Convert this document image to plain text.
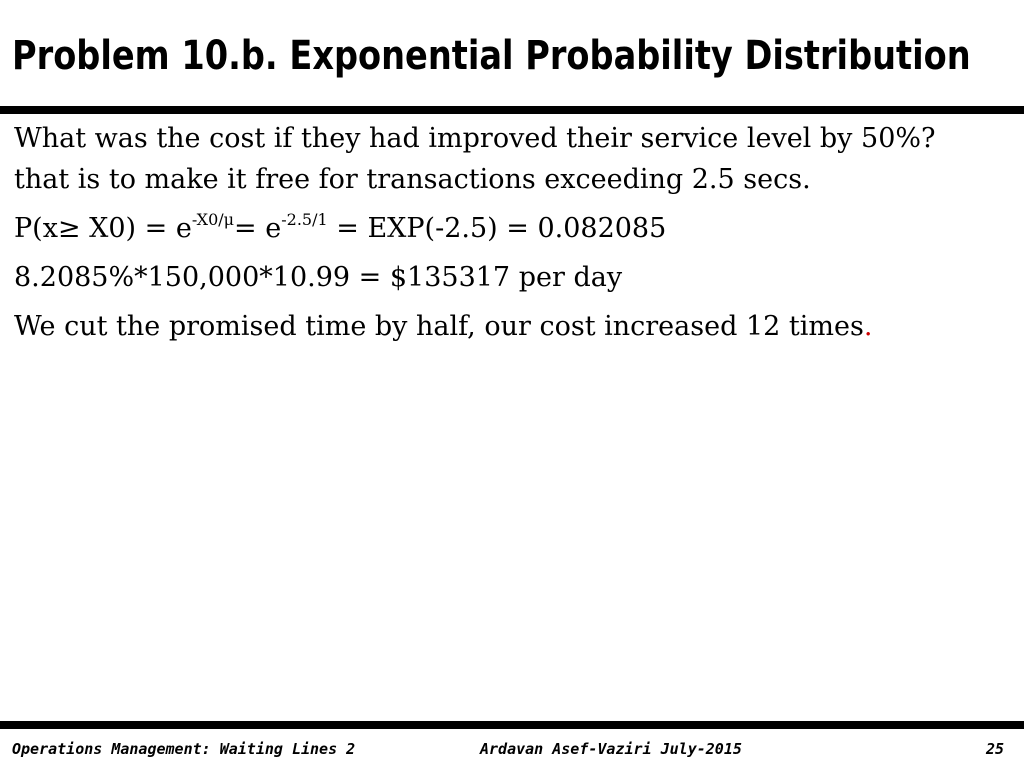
Problem 10.b. Exponential Probability Distribution

What was the cost if they had improved their service level by 50%? that is to make it free for transactions exceeding 2.5 secs.

$P(x\ge X0) = e^{-X0/\mu}= e^{-2.5/1} = EXP(-2.5) = 0.082085$

8.2085%*150,000*10.99 = $135317 per day

We cut the promised time by half, our cost increased 12 times.

Operations Management: Waiting Lines 2	Ardavan Asef-Vaziri July-2015	25
